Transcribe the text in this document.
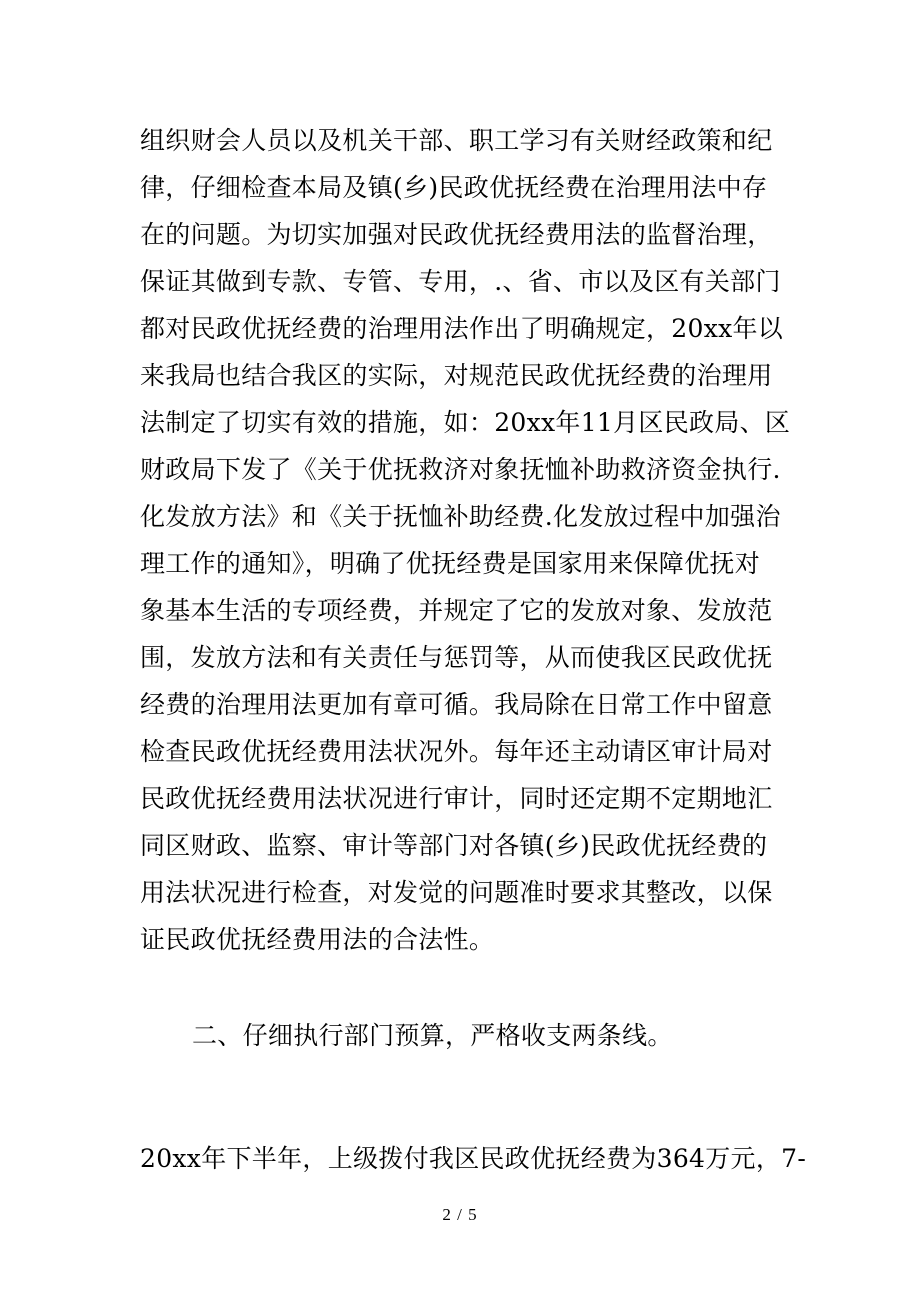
组织财会人员以及机关干部、职工学习有关财经政策和纪
律，仔细检查本局及镇(乡)民政优抚经费在治理用法中存
在的问题。为切实加强对民政优抚经费用法的监督治理，
保证其做到专款、专管、专用，.、省、市以及区有关部门
都对民政优抚经费的治理用法作出了明确规定，20xx年以
来我局也结合我区的实际，对规范民政优抚经费的治理用
法制定了切实有效的措施，如：20xx年11月区民政局、区
财政局下发了《关于优抚救济对象抚恤补助救济资金执行.
化发放方法》和《关于抚恤补助经费.化发放过程中加强治
理工作的通知》，明确了优抚经费是国家用来保障优抚对
象基本生活的专项经费，并规定了它的发放对象、发放范
围，发放方法和有关责任与惩罚等，从而使我区民政优抚
经费的治理用法更加有章可循。我局除在日常工作中留意
检查民政优抚经费用法状况外。每年还主动请区审计局对
民政优抚经费用法状况进行审计，同时还定期不定期地汇
同区财政、监察、审计等部门对各镇(乡)民政优抚经费的
用法状况进行检查，对发觉的问题准时要求其整改，以保
证民政优抚经费用法的合法性。

二、仔细执行部门预算，严格收支两条线。

20xx年下半年，上级拨付我区民政优抚经费为364万元，7-

2 / 5
